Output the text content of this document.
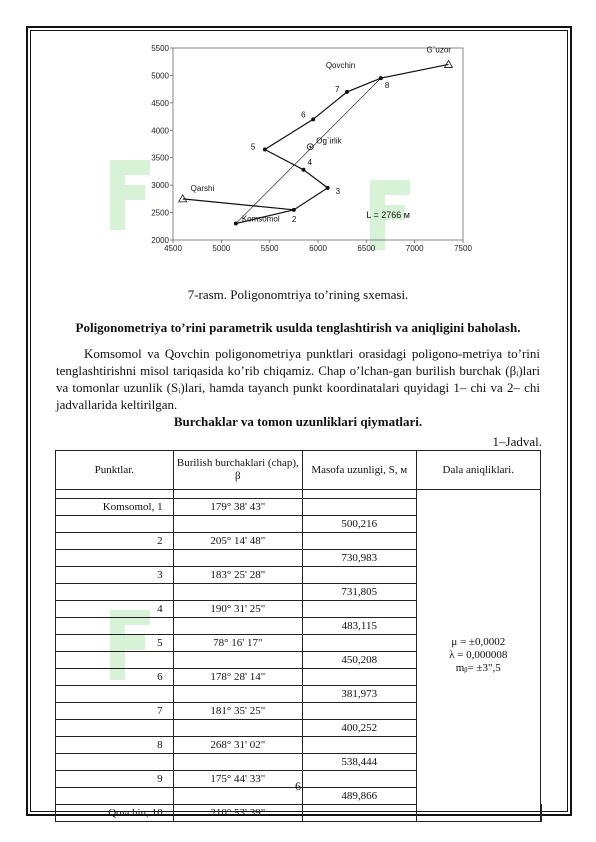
4500	5000	5500	6000	6500	7000	7500
2000
2500
3000
3500
4000
4500
5000
5500
Komsomol 2
3
4
5
6
7	8
Qovchin
Qarshi
G`uzor
Og`irlik
L = 2766 м
7-rasm. Poligonomtriya to’rining sxemasi.
Poligonometriya to’rini parametrik usulda tenglashtirish va aniqligini baholash.
Komsomol va Qovchin poligonometriya punktlari orasidagi poligono-metriya to’rini tenglashtirishni misol tariqasida ko’rib chiqamiz. Chap o’lchan-gan burilish burchak (βᵢ)lari va tomonlar uzunlik (Sᵢ)lari, hamda tayanch punkt koordinatalari quyidagi 1– chi va 2– chi jadvallarida keltirilgan.
Burchaklar va tomon uzunliklari qiymatlari.
1–Jadval.
Punktlar.	Burilish burchaklari (chap), β	Masofa uzunligi, S, м	Dala aniqliklari.	

			μ = ±0,0002
λ = 0,000008
mᵦ= ±3",5	

Komsomol, 1	179° 38' 43"			
		500,216		
2	205° 14' 48"			
		730,983		
3	183° 25' 28"			
		731,805		
4	190° 31' 25"			
		483,115		
5	78° 16' 17"			
		450,208		
6	178° 28' 14"			
		381,973		
7	181° 35' 25"			
		400,252		
8	268° 31' 02"			
		538,444		
9	175° 44' 33"			
		489,866		
Qovchin, 10	210° 53' 39"			
6
